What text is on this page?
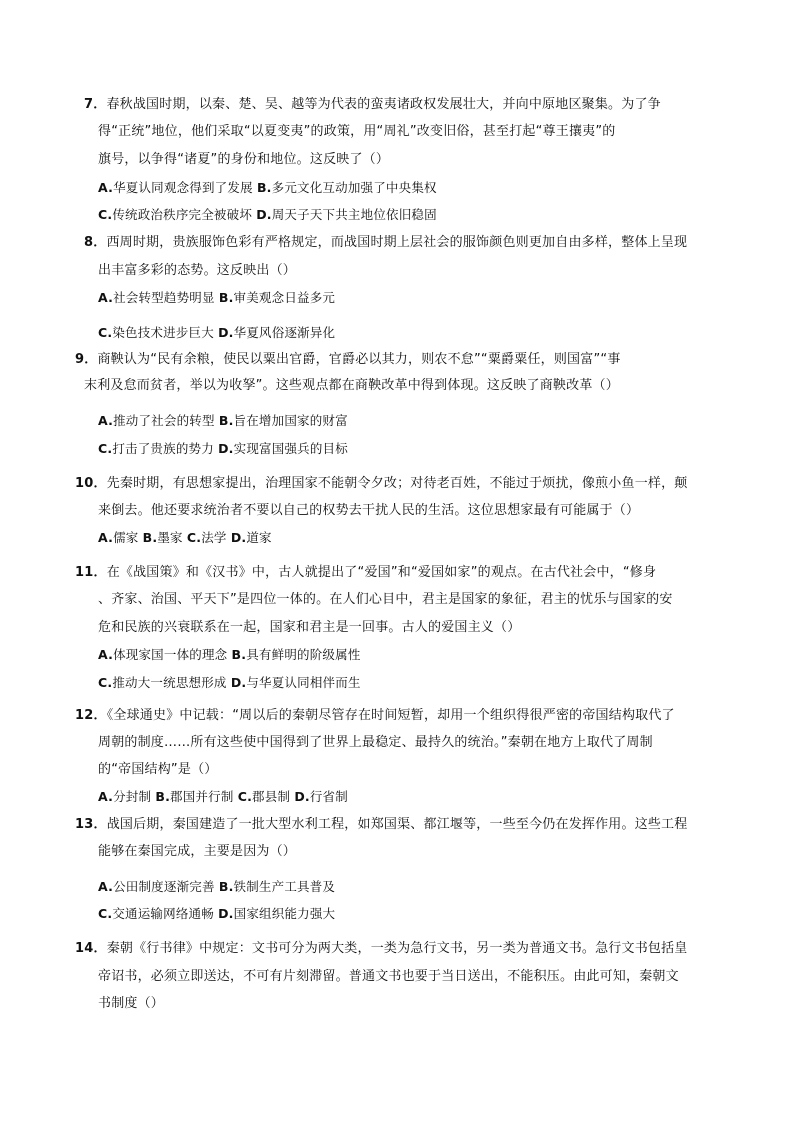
7．春秋战国时期，以秦、楚、吴、越等为代表的蛮夷诸政权发展壮大，并向中原地区聚集。为了争
得“正统”地位，他们采取“以夏变夷”的政策，用“周礼”改变旧俗，甚至打起“尊王攘夷”的
旗号，以争得“诸夏”的身份和地位。这反映了（）
A.华夏认同观念得到了发展 B.多元文化互动加强了中央集权
C.传统政治秩序完全被破坏 D.周天子天下共主地位依旧稳固
8．西周时期，贵族服饰色彩有严格规定，而战国时期上层社会的服饰颜色则更加自由多样，整体上呈现
出丰富多彩的态势。这反映出（）
A.社会转型趋势明显 B.审美观念日益多元
C.染色技术进步巨大 D.华夏风俗逐渐异化
9．商鞅认为“民有余粮，使民以粟出官爵，官爵必以其力，则农不怠”“粟爵粟任，则国富”“事
末利及怠而贫者，举以为收孥”。这些观点都在商鞅改革中得到体现。这反映了商鞅改革（）
A.推动了社会的转型 B.旨在增加国家的财富
C.打击了贵族的势力 D.实现富国强兵的目标
10．先秦时期，有思想家提出，治理国家不能朝令夕改；对待老百姓，不能过于烦扰，像煎小鱼一样，颠
来倒去。他还要求统治者不要以自己的权势去干扰人民的生活。这位思想家最有可能属于（）
A.儒家 B.墨家 C.法学 D.道家
11．在《战国策》和《汉书》中，古人就提出了“爱国”和“爱国如家”的观点。在古代社会中，“修身
、齐家、治国、平天下”是四位一体的。在人们心目中，君主是国家的象征，君主的忧乐与国家的安
危和民族的兴衰联系在一起，国家和君主是一回事。古人的爱国主义（）
A.体现家国一体的理念 B.具有鲜明的阶级属性
C.推动大一统思想形成 D.与华夏认同相伴而生
12．《全球通史》中记载：“周以后的秦朝尽管存在时间短暂，却用一个组织得很严密的帝国结构取代了
周朝的制度……所有这些使中国得到了世界上最稳定、最持久的统治。”秦朝在地方上取代了周制
的“帝国结构”是（）
A.分封制 B.郡国并行制 C.郡县制 D.行省制
13．战国后期，秦国建造了一批大型水利工程，如郑国渠、都江堰等，一些至今仍在发挥作用。这些工程
能够在秦国完成，主要是因为（）
A.公田制度逐渐完善 B.铁制生产工具普及
C.交通运输网络通畅 D.国家组织能力强大
14．秦朝《行书律》中规定：文书可分为两大类，一类为急行文书，另一类为普通文书。急行文书包括皇
帝诏书，必须立即送达，不可有片刻滞留。普通文书也要于当日送出，不能积压。由此可知，秦朝文
书制度（）
